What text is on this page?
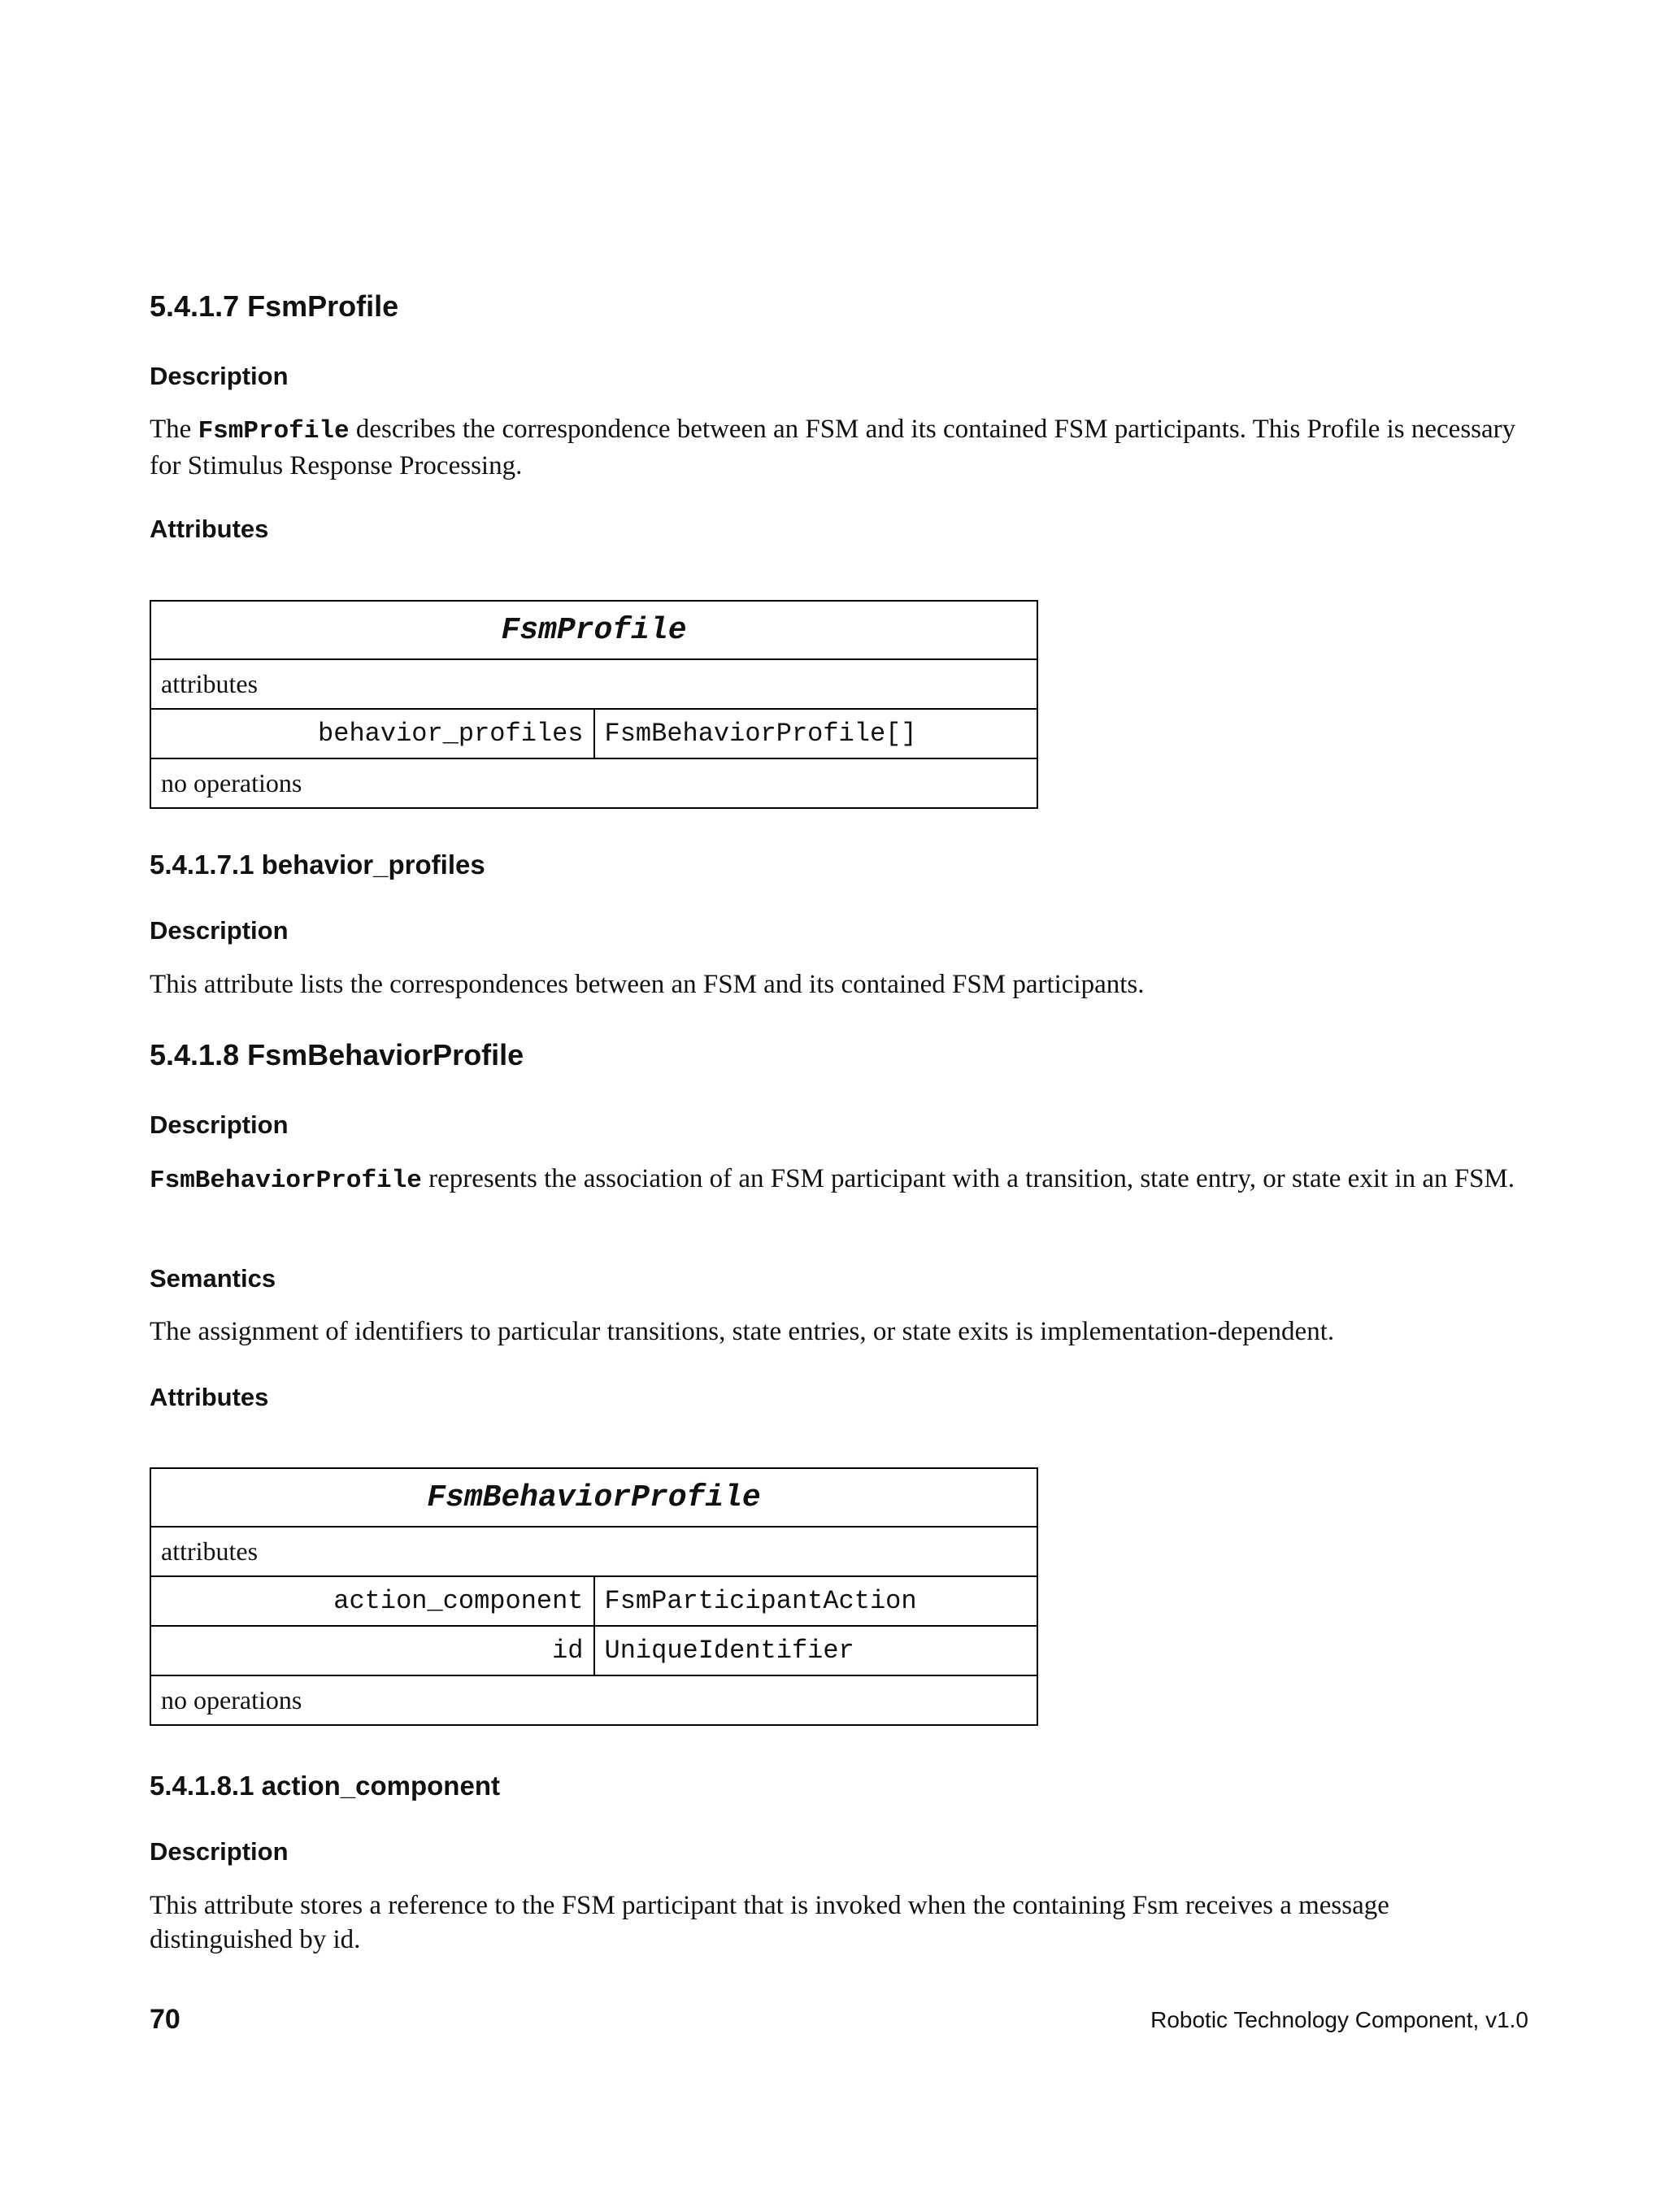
5.4.1.7 FsmProfile
Description

The FsmProfile describes the correspondence between an FSM and its contained FSM participants. This Profile is necessary for Stimulus Response Processing.

Attributes
FsmProfile
attributes
behavior_profiles	FsmBehaviorProfile[]
no operations
5.4.1.7.1 behavior_profiles
Description

This attribute lists the correspondences between an FSM and its contained FSM participants.

5.4.1.8 FsmBehaviorProfile
Description

FsmBehaviorProfile represents the association of an FSM participant with a transition, state entry, or state exit in an FSM.

Semantics

The assignment of identifiers to particular transitions, state entries, or state exits is implementation-dependent.

Attributes
FsmBehaviorProfile	
attributes	
action_component	FsmParticipantAction
id	UniqueIdentifier
no operations	
5.4.1.8.1 action_component
Description

This attribute stores a reference to the FSM participant that is invoked when the containing Fsm receives a message distinguished by id.

70	Robotic Technology Component, v1.0
